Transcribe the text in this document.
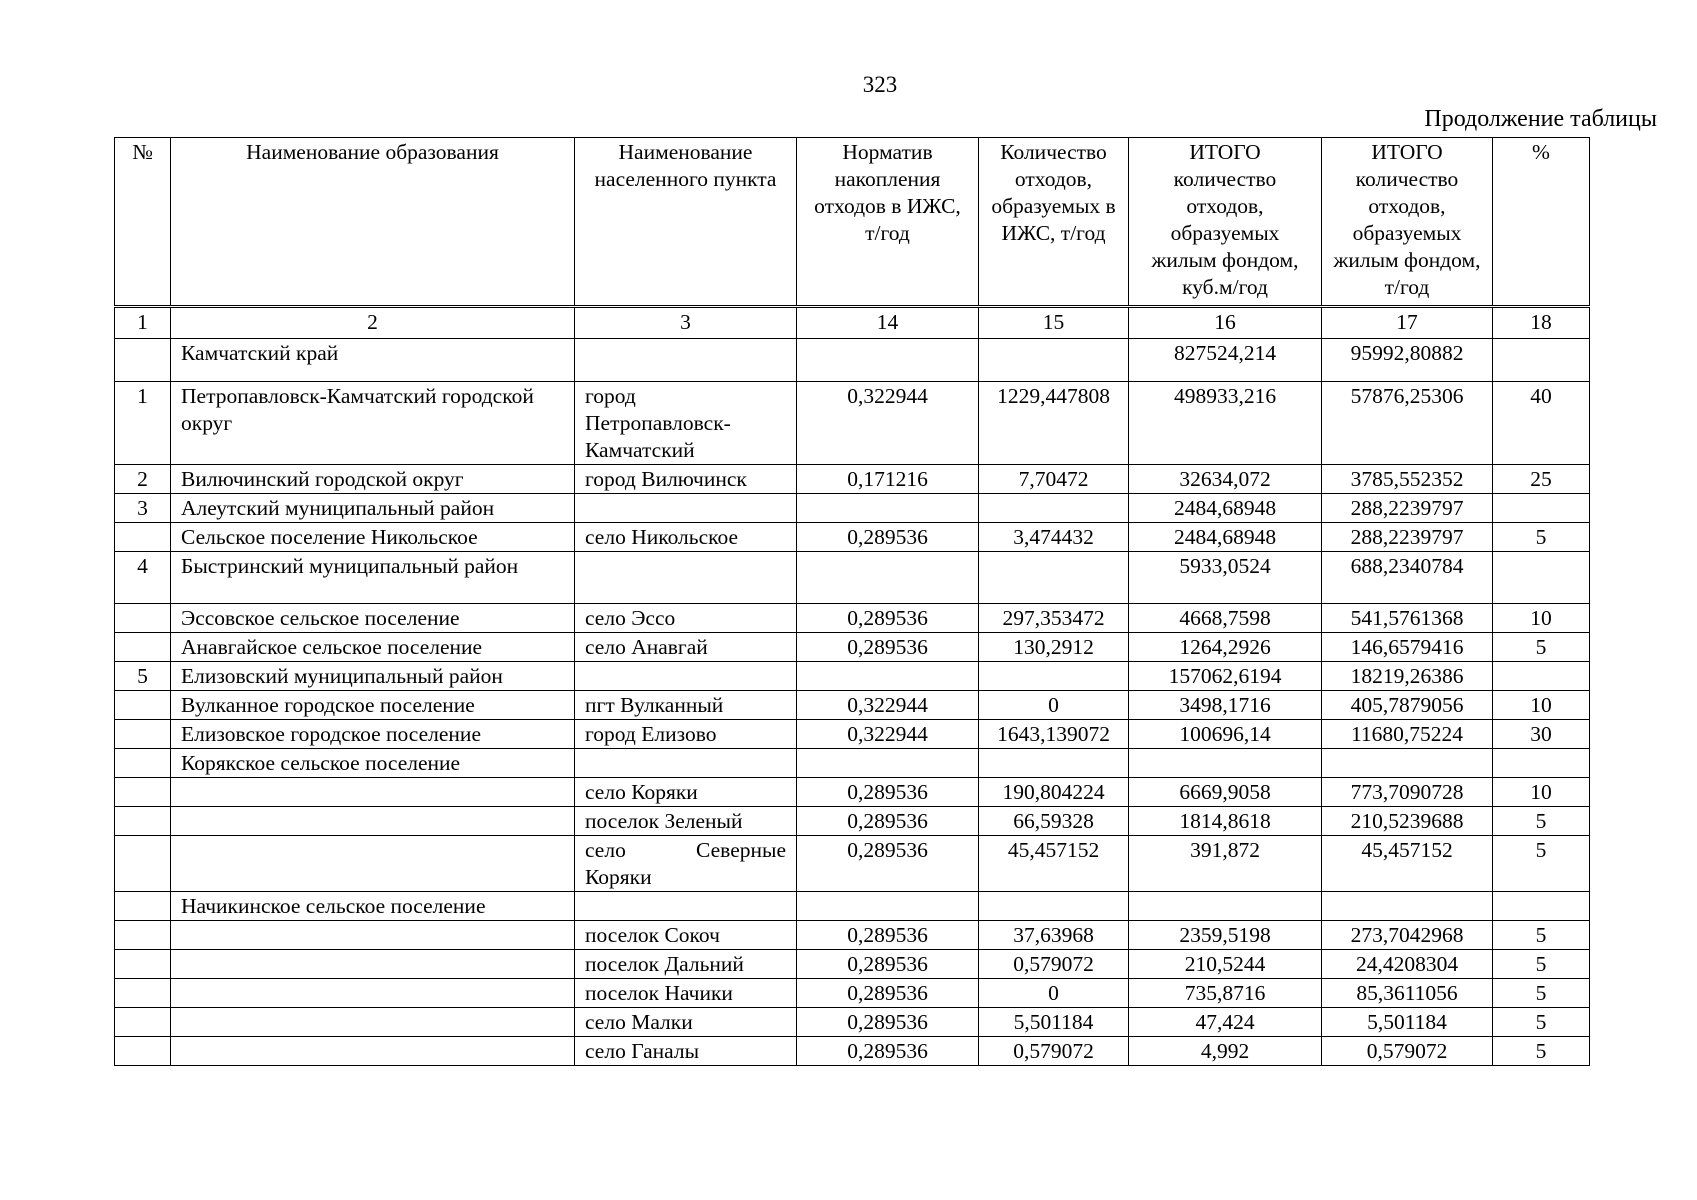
323
Продолжение таблицы
№	Наименование образования	Наименование населенного пункта	Норматив накопления отходов в ИЖС, т/год	Количество отходов, образуемых в ИЖС, т/год	ИТОГО количество отходов, образуемых жилым фондом, куб.м/год	ИТОГО количество отходов, образуемых жилым фондом, т/год	%
1	2	3	14	15	16	17	18
	Камчатский край				827524,214	95992,80882	
1	Петропавловск-Камчатский городской округ	город Петропавловск-Камчатский	0,322944	1229,447808	498933,216	57876,25306	40
2	Вилючинский городской округ	город Вилючинск	0,171216	7,70472	32634,072	3785,552352	25
3	Алеутский муниципальный район				2484,68948	288,2239797	
	Сельское поселение Никольское	село Никольское	0,289536	3,474432	2484,68948	288,2239797	5
4	Быстринский муниципальный район				5933,0524	688,2340784	
	Эссовское сельское поселение	село Эссо	0,289536	297,353472	4668,7598	541,5761368	10
	Анавгайское сельское поселение	село Анавгай	0,289536	130,2912	1264,2926	146,6579416	5
5	Елизовский муниципальный район				157062,6194	18219,26386	
	Вулканное городское поселение	пгт Вулканный	0,322944	0	3498,1716	405,7879056	10
	Елизовское городское поселение	город Елизово	0,322944	1643,139072	100696,14	11680,75224	30
	Корякское сельское поселение						
		село Коряки	0,289536	190,804224	6669,9058	773,7090728	10
		поселок Зеленый	0,289536	66,59328	1814,8618	210,5239688	5
		село Северные Коряки	0,289536	45,457152	391,872	45,457152	5
	Начикинское сельское поселение						
		поселок Сокоч	0,289536	37,63968	2359,5198	273,7042968	5
		поселок Дальний	0,289536	0,579072	210,5244	24,4208304	5
		поселок Начики	0,289536	0	735,8716	85,3611056	5
		село Малки	0,289536	5,501184	47,424	5,501184	5
		село Ганалы	0,289536	0,579072	4,992	0,579072	5
